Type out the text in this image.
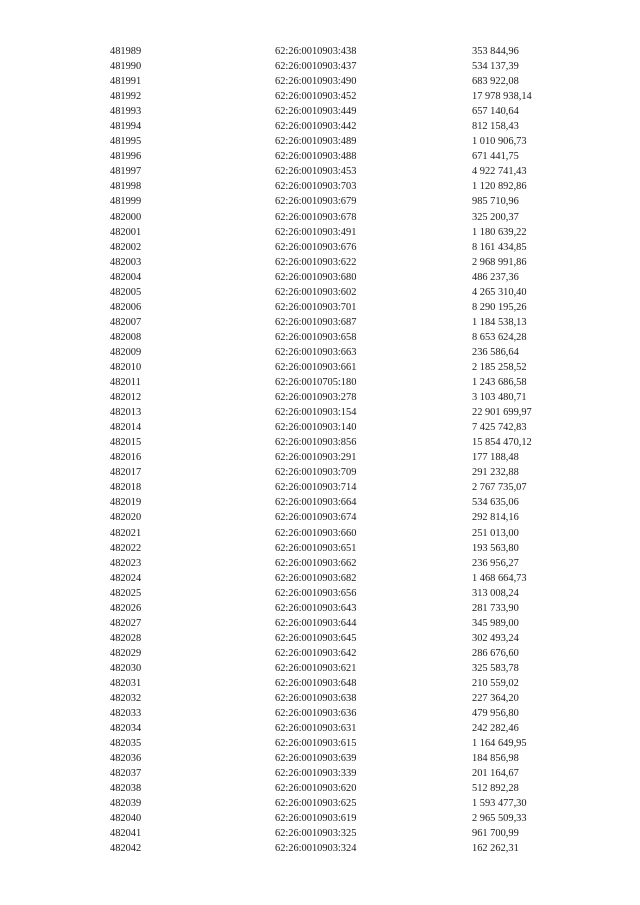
481989	62:26:0010903:438	353 844,96
481990	62:26:0010903:437	534 137,39
481991	62:26:0010903:490	683 922,08
481992	62:26:0010903:452	17 978 938,14
481993	62:26:0010903:449	657 140,64
481994	62:26:0010903:442	812 158,43
481995	62:26:0010903:489	1 010 906,73
481996	62:26:0010903:488	671 441,75
481997	62:26:0010903:453	4 922 741,43
481998	62:26:0010903:703	1 120 892,86
481999	62:26:0010903:679	985 710,96
482000	62:26:0010903:678	325 200,37
482001	62:26:0010903:491	1 180 639,22
482002	62:26:0010903:676	8 161 434,85
482003	62:26:0010903:622	2 968 991,86
482004	62:26:0010903:680	486 237,36
482005	62:26:0010903:602	4 265 310,40
482006	62:26:0010903:701	8 290 195,26
482007	62:26:0010903:687	1 184 538,13
482008	62:26:0010903:658	8 653 624,28
482009	62:26:0010903:663	236 586,64
482010	62:26:0010903:661	2 185 258,52
482011	62:26:0010705:180	1 243 686,58
482012	62:26:0010903:278	3 103 480,71
482013	62:26:0010903:154	22 901 699,97
482014	62:26:0010903:140	7 425 742,83
482015	62:26:0010903:856	15 854 470,12
482016	62:26:0010903:291	177 188,48
482017	62:26:0010903:709	291 232,88
482018	62:26:0010903:714	2 767 735,07
482019	62:26:0010903:664	534 635,06
482020	62:26:0010903:674	292 814,16
482021	62:26:0010903:660	251 013,00
482022	62:26:0010903:651	193 563,80
482023	62:26:0010903:662	236 956,27
482024	62:26:0010903:682	1 468 664,73
482025	62:26:0010903:656	313 008,24
482026	62:26:0010903:643	281 733,90
482027	62:26:0010903:644	345 989,00
482028	62:26:0010903:645	302 493,24
482029	62:26:0010903:642	286 676,60
482030	62:26:0010903:621	325 583,78
482031	62:26:0010903:648	210 559,02
482032	62:26:0010903:638	227 364,20
482033	62:26:0010903:636	479 956,80
482034	62:26:0010903:631	242 282,46
482035	62:26:0010903:615	1 164 649,95
482036	62:26:0010903:639	184 856,98
482037	62:26:0010903:339	201 164,67
482038	62:26:0010903:620	512 892,28
482039	62:26:0010903:625	1 593 477,30
482040	62:26:0010903:619	2 965 509,33
482041	62:26:0010903:325	961 700,99
482042	62:26:0010903:324	162 262,31
